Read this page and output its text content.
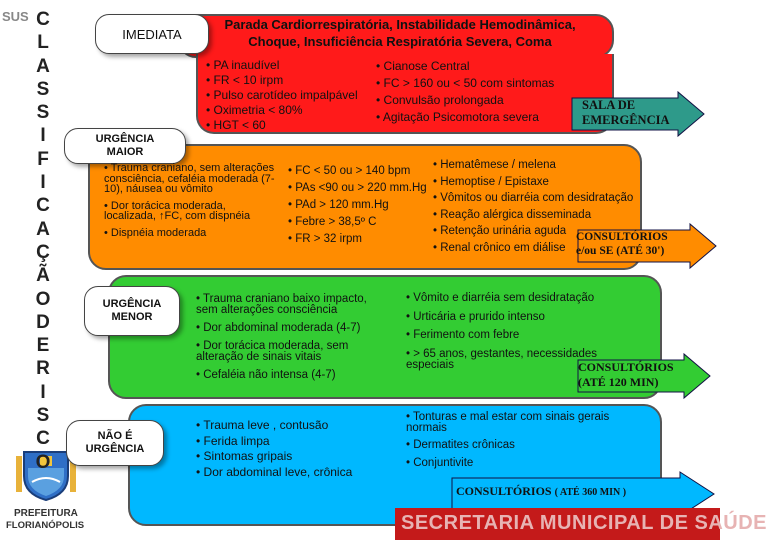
SUS
PREFEITURA
FLORIANÓPOLIS
C
L
A
S
S
I
F
I
C
A
Ç
Ã
O
D
E
R
I
S
C
O
Parada Cardiorrespiratória, Instabilidade Hemodinâmica,
Choque, Insuficiência Respiratória Severa, Coma
IMEDIATA
• PA inaudível
• FR < 10 irpm
• Pulso carotídeo impalpável
• Oximetria < 80%
• HGT < 60
• Cianose Central
• FC > 160 ou < 50 com sintomas
• Convulsão prolongada
• Agitação Psicomotora severa
SALA DE
EMERGÊNCIA
URGÊNCIA
MAIOR
• Trauma craniano, sem alterações consciência, cefaléia moderada (7-10), náusea ou vômito
• Dor torácica moderada, localizada, ↑FC, com dispnéia
• Dispnéia moderada
• FC < 50 ou > 140 bpm
• PAs <90 ou > 220 mm.Hg
• PAd > 120 mm.Hg
• Febre > 38,5º C
• FR > 32 irpm
• Hematêmese / melena
• Hemoptise / Epistaxe
• Vômitos ou diarréia com desidratação
• Reação alérgica disseminada
• Retenção urinária aguda
• Renal crônico em diálise
CONSULTÓRIOS
e/ou SE (ATÉ 30')
URGÊNCIA
MENOR
• Trauma craniano baixo impacto, sem alterações consciência
• Dor abdominal moderada (4-7)
• Dor torácica moderada, sem alteração de sinais vitais
• Cefaléia não intensa (4-7)
• Vômito e diarréia sem desidratação
• Urticária e prurido intenso
• Ferimento com febre
• > 65 anos, gestantes, necessidades especiais	CONSULTÓRIOS
(ATÉ 120 MIN)
NÃO É
URGÊNCIA
• Trauma leve , contusão
• Ferida limpa
• Sintomas gripais
• Dor abdominal leve, crônica
• Tonturas e mal estar com sinais gerais normais
• Dermatites crônicas
• Conjuntivite
CONSULTÓRIOS ( ATÉ 360 MIN )
SECRETARIA MUNICIPAL DE SAÚDE
